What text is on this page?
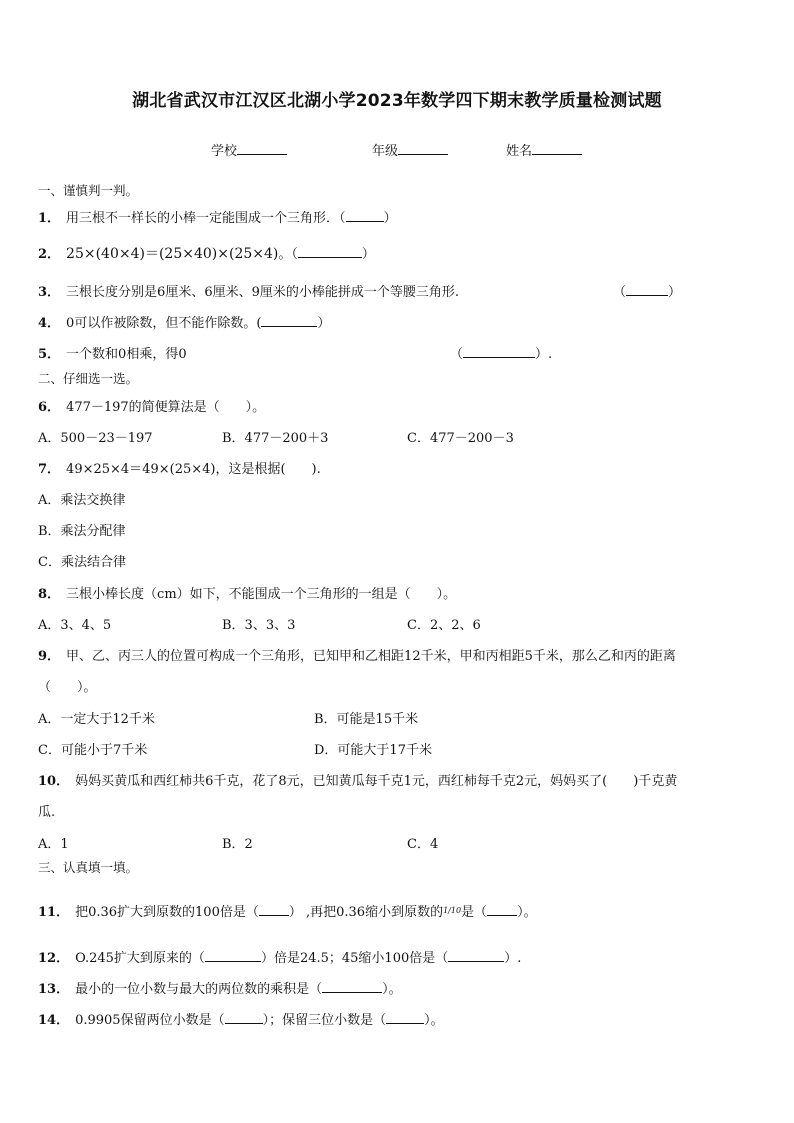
湖北省武汉市江汉区北湖小学2023年数学四下期末教学质量检测试题
学校	年级	姓名
一、谨慎判一判。
1． 用三根不一样长的小棒一定能围成一个三角形．（	）
2． 25×(40×4)＝(25×40)×(25×4)。（	）
3． 三根长度分别是6厘米、6厘米、9厘米的小棒能拼成一个等腰三角形.	（	）
4． 0可以作被除数，但不能作除数。(	）
5． 一个数和0相乘，得0	（	）.
二、仔细选一选。
6． 477－197的简便算法是（　　）。
A．500－23－197	B．477－200＋3	C．477－200－3
7． 49×25×4＝49×(25×4)，这是根据(　　).
A．乘法交换律
B．乘法分配律
C．乘法结合律
8． 三根小棒长度（cm）如下，不能围成一个三角形的一组是（　　）。
A．3、4、5	B．3、3、3	C．2、2、6
9． 甲、乙、丙三人的位置可构成一个三角形，已知甲和乙相距12千米，甲和丙相距5千米，那么乙和丙的距离
（　　）。
A．一定大于12千米	B．可能是15千米
C．可能小于7千米	D．可能大于17千米
10． 妈妈买黄瓜和西红柿共6千克，花了8元，已知黄瓜每千克1元，西红柿每千克2元，妈妈买了(　　)千克黄
瓜.
A．1	B．2	C．4
三、认真填一填。
11． 把0.36扩大到原数的100倍是（ ） ,再把0.36缩小到原数的1/10是（ ）。
12． O.245扩大到原来的（	）倍是24.5；45缩小100倍是（	）.
13． 最小的一位小数与最大的两位数的乘积是（	）。
14． 0.9905保留两位小数是（	）；保留三位小数是（	）。
